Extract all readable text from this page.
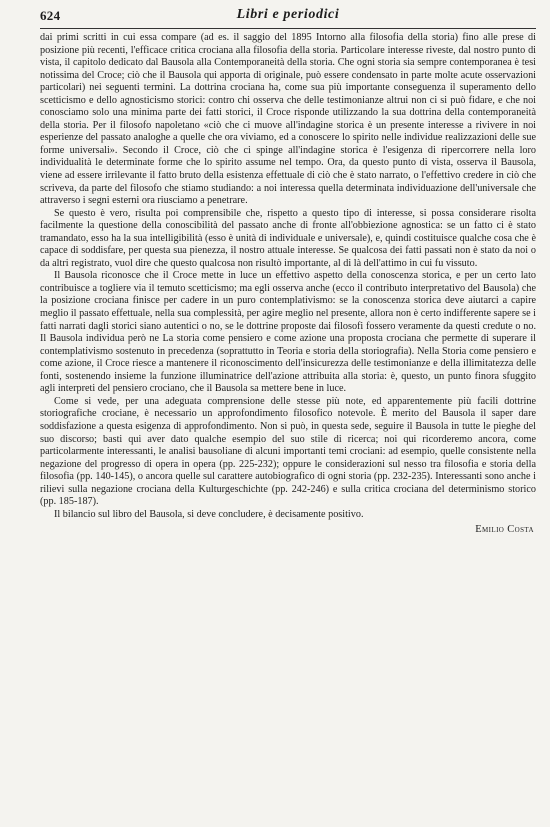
624	Libri e periodici

dai primi scritti in cui essa compare (ad es. il saggio del 1895 Intorno alla filosofia della storia) fino alle prese di posizione più recenti, l'efficace critica crociana alla filosofia della storia. Particolare interesse riveste, dal nostro punto di vista, il capitolo dedicato dal Bausola alla Contemporaneità della storia. Che ogni storia sia sempre contemporanea è tesi notissima del Croce; ciò che il Bausola qui apporta di originale, può essere condensato in parte molte acute osservazioni particolari) nei seguenti termini. La dottrina crociana ha, come sua più importante conseguenza il superamento dello scetticismo e dello agnosticismo storici: contro chi osserva che delle testimonianze altrui non ci si può fidare, e che noi conosciamo solo una minima parte dei fatti storici, il Croce risponde utilizzando la sua dottrina della contemporaneità della storia. Per il filosofo napoletano «ciò che ci muove all'indagine storica è un presente interesse a rivivere in noi esperienze del passato analoghe a quelle che ora viviamo, ed a conoscere lo spirito nelle individue realizzazioni delle sue forme universali». Secondo il Croce, ciò che ci spinge all'indagine storica è l'esigenza di ripercorrere nella loro individualità le determinate forme che lo spirito assume nel tempo. Ora, da questo punto di vista, osserva il Bausola, viene ad essere irrilevante il fatto bruto della esistenza effettuale di ciò che è stato narrato, o l'effettivo credere in ciò che scriveva, da parte del filosofo che stiamo studiando: a noi interessa quella determinata individuazione dell'universale che attraverso i segni esterni ora riusciamo a penetrare.

Se questo è vero, risulta poi comprensibile che, rispetto a questo tipo di interesse, si possa considerare risolta facilmente la questione della conoscibilità del passato anche di fronte all'obbiezione agnostica: se un fatto ci è stato tramandato, esso ha la sua intelligibilità (esso è unità di individuale e universale), e, quindi costituisce qualche cosa che è capace di soddisfare, per questa sua pienezza, il nostro attuale interesse. Se qualcosa dei fatti passati non è stato da noi o da altri registrato, vuol dire che questo qualcosa non risultò importante, al di là dell'attimo in cui fu vissuto.

Il Bausola riconosce che il Croce mette in luce un effettivo aspetto della conoscenza storica, e per un certo lato contribuisce a togliere via il temuto scetticismo; ma egli osserva anche (ecco il contributo interpretativo del Bausola) che la posizione crociana finisce per cadere in un puro contemplativismo: se la conoscenza storica deve aiutarci a capire meglio il passato effettuale, nella sua complessità, per agire meglio nel presente, allora non è certo indifferente sapere se i fatti narrati dagli storici siano autentici o no, se le dottrine proposte dai filosofi fossero veramente da questi credute o no. Il Bausola individua però ne La storia come pensiero e come azione una proposta crociana che permette di superare il contemplativismo sostenuto in precedenza (soprattutto in Teoria e storia della storiografia). Nella Storia come pensiero e come azione, il Croce riesce a mantenere il riconoscimento dell'insicurezza delle testimonianze e della illimitatezza delle fonti, sostenendo insieme la funzione illuminatrice dell'azione attribuita alla storia: è, questo, un punto finora sfuggito agli interpreti del pensiero crociano, che il Bausola sa mettere bene in luce.

Come si vede, per una adeguata comprensione delle stesse più note, ed apparentemente più facili dottrine storiografiche crociane, è necessario un approfondimento filosofico notevole. È merito del Bausola il saper dare soddisfazione a questa esigenza di approfondimento. Non si può, in questa sede, seguire il Bausola in tutte le pieghe del suo discorso; basti qui aver dato qualche esempio del suo stile di ricerca; noi qui ricorderemo ancora, come particolarmente interessanti, le analisi bausoliane di alcuni importanti temi crociani: ad esempio, quelle consistente nella negazione del progresso di opera in opera (pp. 225-232); oppure le considerazioni sul nesso tra filosofia e storia della filosofia (pp. 140-145), o ancora quelle sul carattere autobiografico di ogni storia (pp. 232-235). Interessanti sono anche i rilievi sulla negazione crociana della Kulturgeschichte (pp. 242-246) e sulla critica crociana del determinismo storico (pp. 185-187).

Il bilancio sul libro del Bausola, si deve concludere, è decisamente positivo.

Emilio Costa
